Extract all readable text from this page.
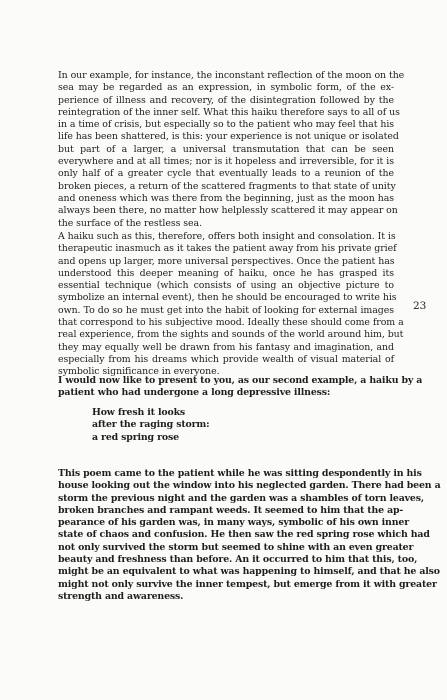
23
In our example, for instance, the inconstant reflection of the moon on the
sea may be regarded as an expression, in symbolic form, of the ex-
perience of illness and recovery, of the disintegration followed by the
reintegration of the inner self. What this haiku therefore says to all of us
in a time of crisis, but especially so to the patient who may feel that his
life has been shattered, is this: your experience is not unique or isolated
but part of a larger, a universal transmutation that can be seen
everywhere and at all times; nor is it hopeless and irreversible, for it is
only half of a greater cycle that eventually leads to a reunion of the
broken pieces, a return of the scattered fragments to that state of unity
and oneness which was there from the beginning, just as the moon has
always been there, no matter how helplessly scattered it may appear on
the surface of the restless sea.
A haiku such as this, therefore, offers both insight and consolation. It is
therapeutic inasmuch as it takes the patient away from his private grief
and opens up larger, more universal perspectives. Once the patient has
understood this deeper meaning of haiku, once he has grasped its
essential technique (which consists of using an objective picture to
symbolize an internal event), then he should be encouraged to write his
own. To do so he must get into the habit of looking for external images
that correspond to his subjective mood. Ideally these should come from a
real experience, from the sights and sounds of the world around him, but
they may equally well be drawn from his fantasy and imagination, and
especially from his dreams which provide wealth of visual material of
symbolic significance in everyone.
I would now like to present to you, as our second example, a haiku by a
patient who had undergone a long depressive illness:
How fresh it looks
after the raging storm:
a red spring rose
This poem came to the patient while he was sitting despondently in his
house looking out the window into his neglected garden. There had been a
storm the previous night and the garden was a shambles of torn leaves,
broken branches and rampant weeds. It seemed to him that the ap-
pearance of his garden was, in many ways, symbolic of his own inner
state of chaos and confusion. He then saw the red spring rose which had
not only survived the storm but seemed to shine with an even greater
beauty and freshness than before. An it occurred to him that this, too,
might be an equivalent to what was happening to himself, and that he also
might not only survive the inner tempest, but emerge from it with greater
strength and awareness.
